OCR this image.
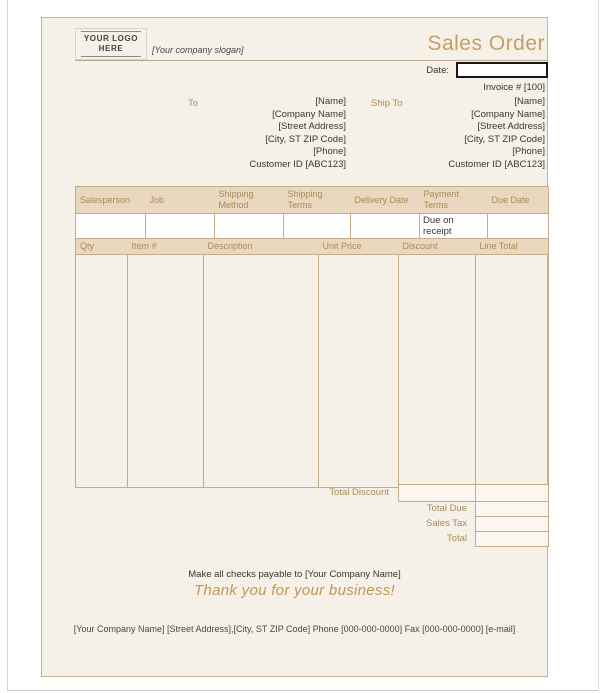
YOUR LOGO
HERE	[Your company slogan]	Sales Order
Date:
Invoice # [100]
To	[Name]
[Company Name]
[Street Address]
[City, ST ZIP Code]
[Phone]
Customer ID [ABC123]
Ship To	[Name]
[Company Name]
[Street Address]
[City, ST ZIP Code]
[Phone]
Customer ID [ABC123]
Salesperson	Job	Shipping Method	Shipping Terms	Delivery Date	Payment Terms	Due Date
					Due on receipt	
Qty	Item #	Description	Unit Price	Discount	Line Total

Total Discount
Total Due
Sales Tax
Total
Make all checks payable to [Your Company Name]
Thank you for your business!
[Your Company Name] [Street Address],[City, ST ZIP Code] Phone [000-000-0000] Fax [000-000-0000] [e-mail]
